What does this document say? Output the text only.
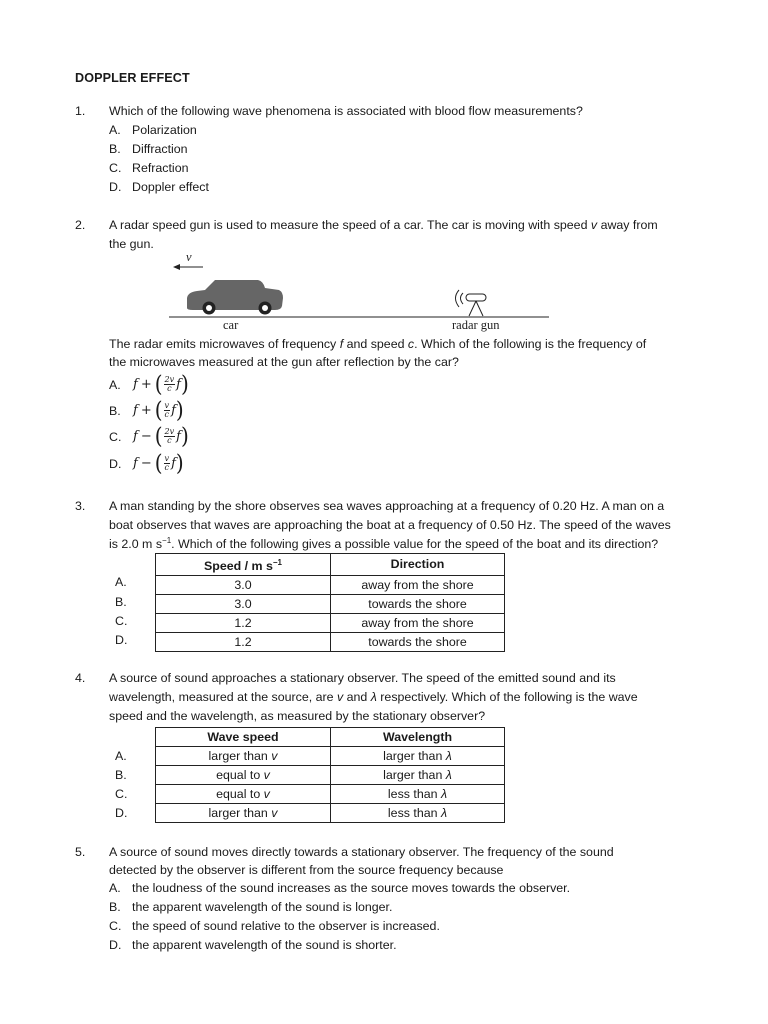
DOPPLER EFFECT
1. Which of the following wave phenomena is associated with blood flow measurements?
A. Polarization
B. Diffraction
C. Refraction
D. Doppler effect
2. A radar speed gun is used to measure the speed of a car. The car is moving with speed v away from
the gun.
v
car	radar gun
The radar emits microwaves of frequency f and speed c. Which of the following is the frequency of
the microwaves measured at the gun after reflection by the car?
A. f + ( $\frac{2v}{c}$ f )
B. f + ( $\frac{v}{c}$ f )
C. f − ( $\frac{2v}{c}$ f )
D. f − ( $\frac{v}{c}$ f )
3. A man standing by the shore observes sea waves approaching at a frequency of 0.20 Hz. A man on a
boat observes that waves are approaching the boat at a frequency of 0.50 Hz. The speed of the waves
is 2.0 m $s^{-1}$. Which of the following gives a possible value for the speed of the boat and its direction?
Speed / m $s^{-1}$	Direction
3.0	away from the shore
3.0	towards the shore
1.2	away from the shore
1.2	towards the shore
A.
B.
C.
D.
4. A source of sound approaches a stationary observer. The speed of the emitted sound and its
wavelength, measured at the source, are v and λ respectively. Which of the following is the wave
speed and the wavelength, as measured by the stationary observer?
Wave speed	Wavelength
larger than v	larger than λ
equal to v	larger than λ
equal to v	less than λ
larger than v	less than λ
A.
B.
C.
D.
5. A source of sound moves directly towards a stationary observer. The frequency of the sound
detected by the observer is different from the source frequency because
A. the loudness of the sound increases as the source moves towards the observer.
B. the apparent wavelength of the sound is longer.
C. the speed of sound relative to the observer is increased.
D. the apparent wavelength of the sound is shorter.
